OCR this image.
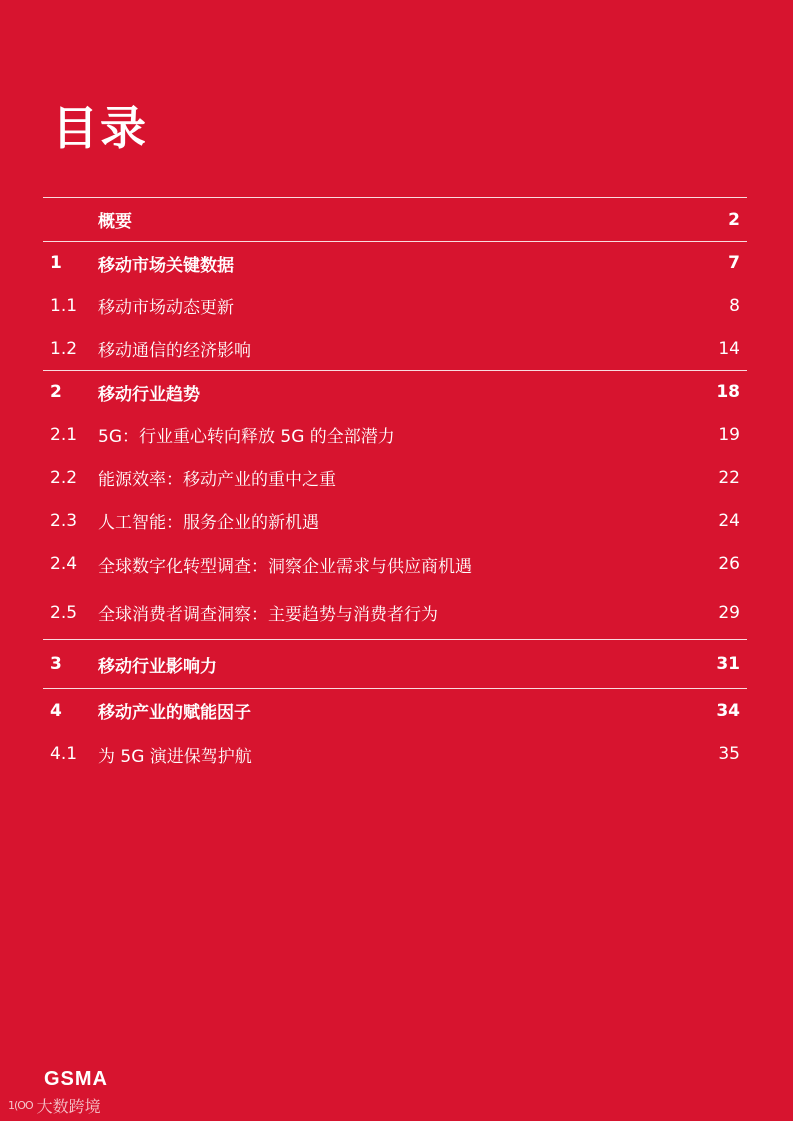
目录
概要	2
1	移动市场关键数据	7
1.1	移动市场动态更新	8
1.2	移动通信的经济影响	14
2	移动行业趋势	18
2.1	5G：行业重心转向释放 5G 的全部潜力	19
2.2	能源效率：移动产业的重中之重	22
2.3	人工智能：服务企业的新机遇	24
2.4	全球数字化转型调查：洞察企业需求与供应商机遇	26
2.5	全球消费者调查洞察：主要趋势与消费者行为	29
3	移动行业影响力	31
4	移动产业的赋能因子	34
4.1	为 5G 演进保驾护航	35
GSMA
1(OO 大数跨境
